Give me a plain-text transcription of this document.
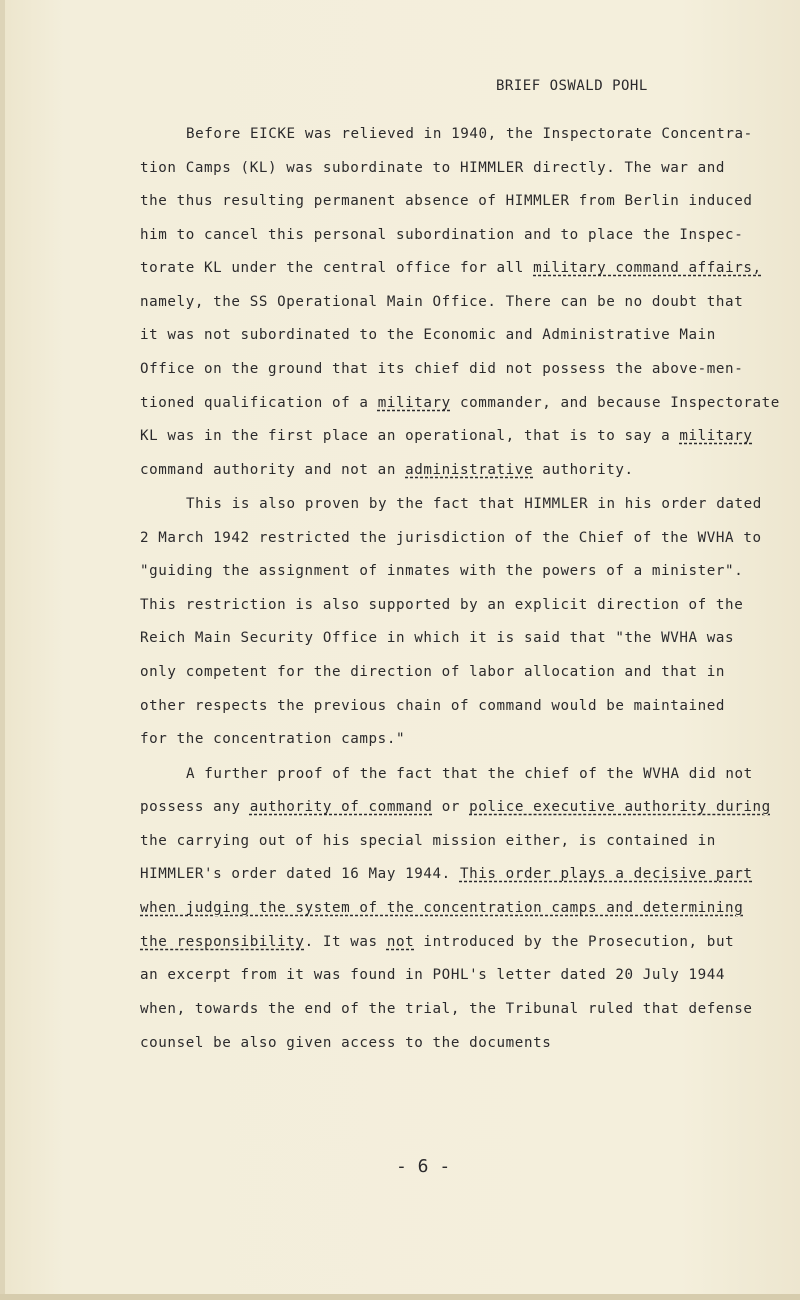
BRIEF OSWALD POHL
Before EICKE was relieved in 1940, the Inspectorate Concentra-
tion Camps (KL) was subordinate to HIMMLER directly. The war and
the thus resulting permanent absence of HIMMLER from Berlin induced
him to cancel this personal subordination and to place the Inspec-
torate KL under the central office for all military command affairs,
namely, the SS Operational Main Office. There can be no doubt that
it was not subordinated to the Economic and Administrative Main
Office on the ground that its chief did not possess the above-men-
tioned qualification of a military commander, and because Inspectorate
KL was in the first place an operational, that is to say a military
command authority and not an administrative authority.
This is also proven by the fact that HIMMLER in his order dated
2 March 1942 restricted the jurisdiction of the Chief of the WVHA to
"guiding the assignment of inmates with the powers of a minister".
This restriction is also supported by an explicit direction of the
Reich Main Security Office in which it is said that "the WVHA was
only competent for the direction of labor allocation and that in
other respects the previous chain of command would be maintained
for the concentration camps."
A further proof of the fact that the chief of the WVHA did not
possess any authority of command or police executive authority during
the carrying out of his special mission either, is contained in
HIMMLER's order dated 16 May 1944. This order plays a decisive part
when judging the system of the concentration camps and determining
the responsibility. It was not introduced by the Prosecution, but
an excerpt from it was found in POHL's letter dated 20 July 1944
when, towards the end of the trial, the Tribunal ruled that defense
counsel be also given access to the documents
- 6 -
